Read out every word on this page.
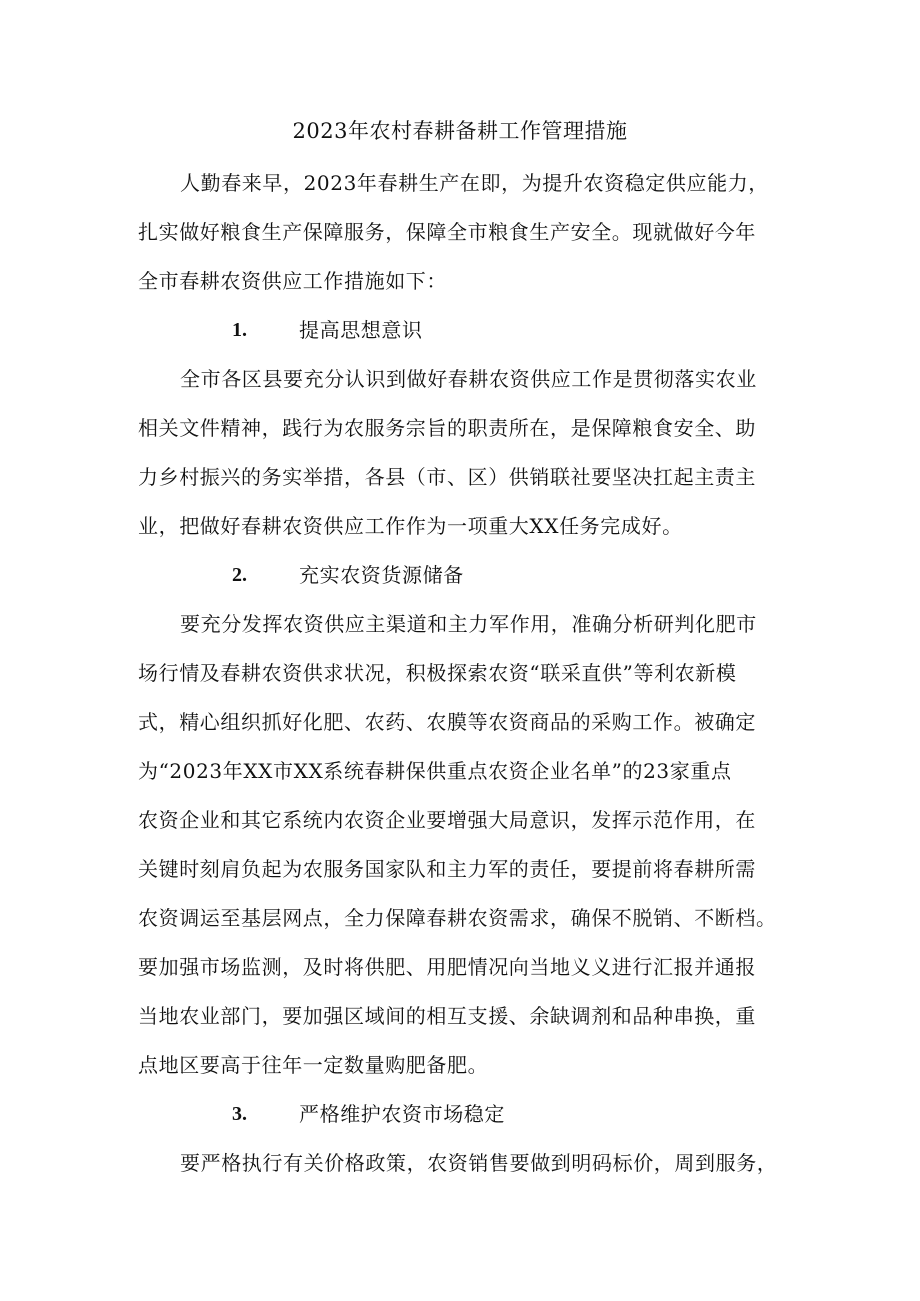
2023年农村春耕备耕工作管理措施
人勤春来早，2023年春耕生产在即，为提升农资稳定供应能力，
扎实做好粮食生产保障服务，保障全市粮食生产安全。现就做好今年
全市春耕农资供应工作措施如下：
1.	提高思想意识
全市各区县要充分认识到做好春耕农资供应工作是贯彻落实农业
相关文件精神，践行为农服务宗旨的职责所在，是保障粮食安全、助
力乡村振兴的务实举措，各县（市、区）供销联社要坚决扛起主责主
业，把做好春耕农资供应工作作为一项重大XX任务完成好。
2.	充实农资货源储备
要充分发挥农资供应主渠道和主力军作用，准确分析研判化肥市
场行情及春耕农资供求状况，积极探索农资“联采直供”等利农新模
式，精心组织抓好化肥、农药、农膜等农资商品的采购工作。被确定
为“2023年XX市XX系统春耕保供重点农资企业名单”的23家重点
农资企业和其它系统内农资企业要增强大局意识，发挥示范作用，在
关键时刻肩负起为农服务国家队和主力军的责任，要提前将春耕所需
农资调运至基层网点，全力保障春耕农资需求，确保不脱销、不断档。
要加强市场监测，及时将供肥、用肥情况向当地义义进行汇报并通报
当地农业部门，要加强区域间的相互支援、余缺调剂和品种串换，重
点地区要高于往年一定数量购肥备肥。
3.	严格维护农资市场稳定
要严格执行有关价格政策，农资销售要做到明码标价，周到服务，
